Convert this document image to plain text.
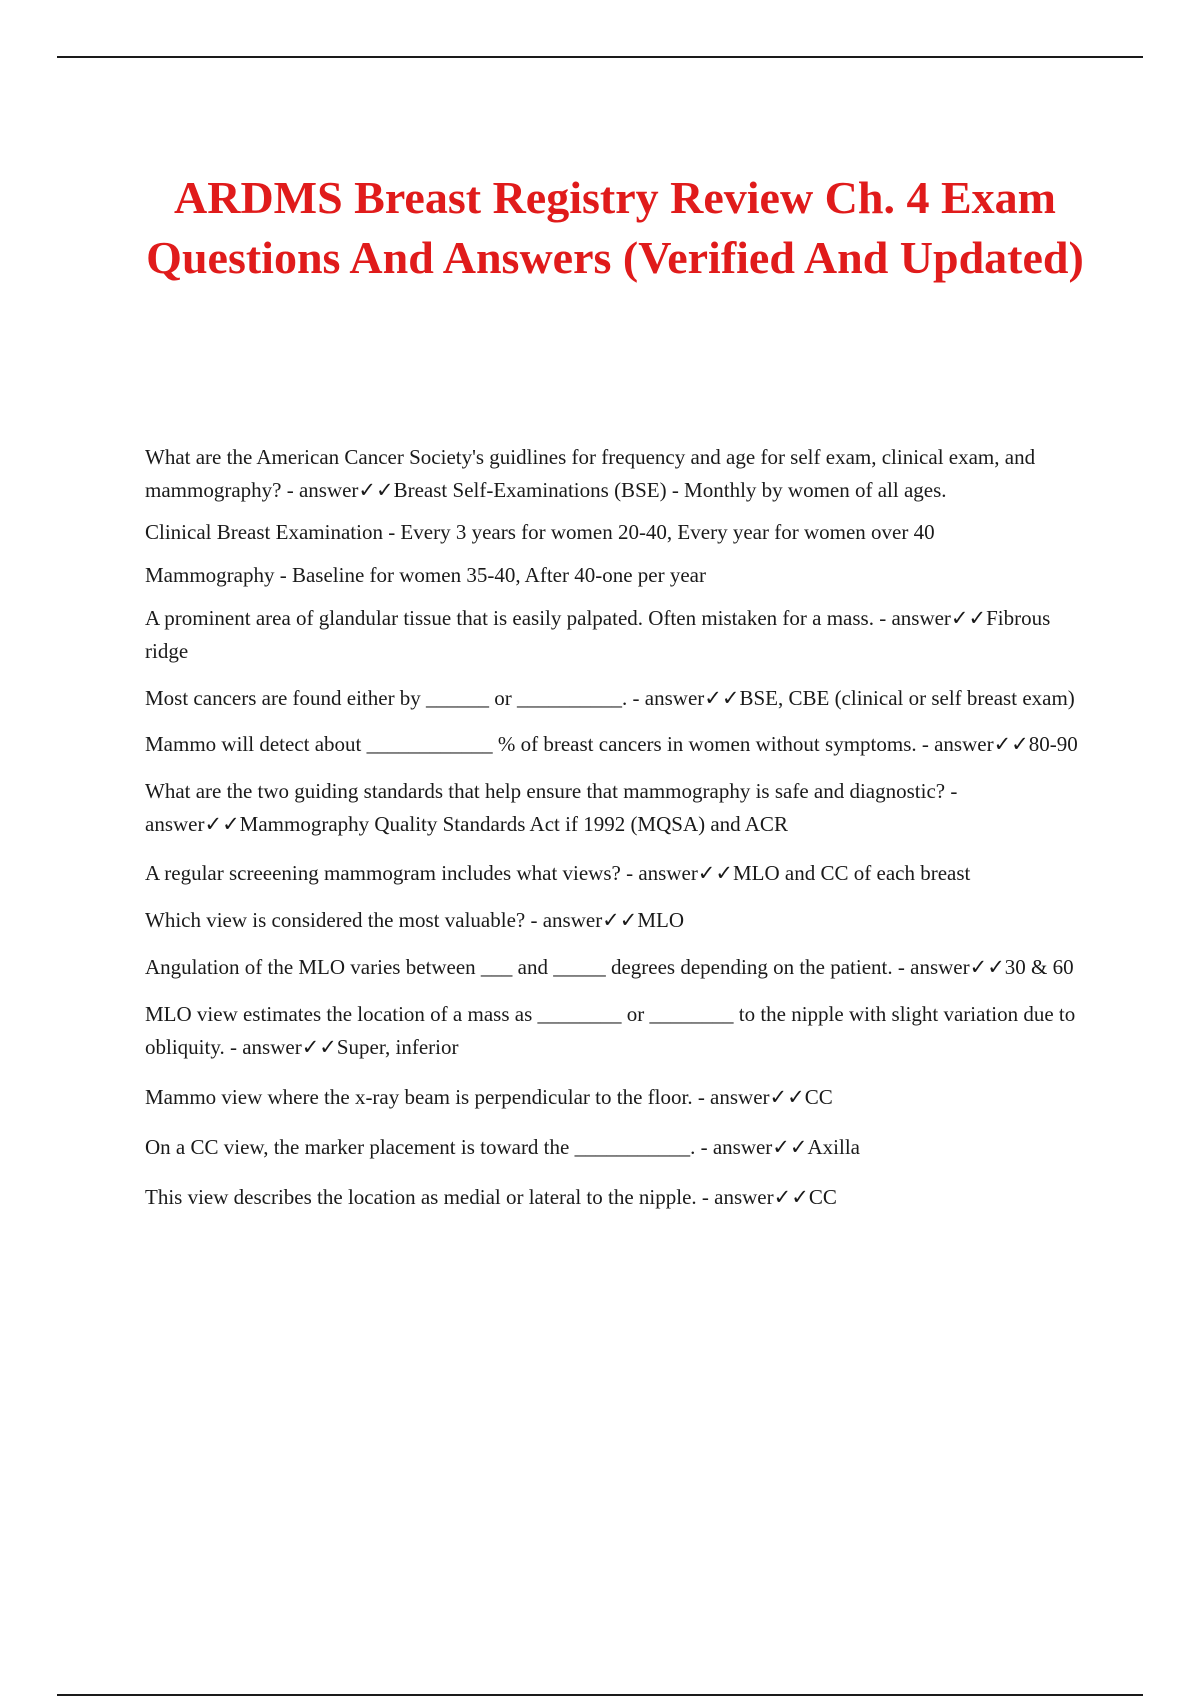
ARDMS Breast Registry Review Ch. 4 Exam Questions And Answers (Verified And Updated)

What are the American Cancer Society's guidlines for frequency and age for self exam, clinical exam, and mammography? - answer✓✓Breast Self-Examinations (BSE) - Monthly by women of all ages.

Clinical Breast Examination - Every 3 years for women 20-40, Every year for women over 40

Mammography - Baseline for women 35-40, After 40-one per year

A prominent area of glandular tissue that is easily palpated. Often mistaken for a mass. - answer✓✓Fibrous ridge

Most cancers are found either by ______ or __________. - answer✓✓BSE, CBE (clinical or self breast exam)

Mammo will detect about ____________ % of breast cancers in women without symptoms. - answer✓✓80-90

What are the two guiding standards that help ensure that mammography is safe and diagnostic? - answer✓✓Mammography Quality Standards Act if 1992 (MQSA) and ACR

A regular screeening mammogram includes what views? - answer✓✓MLO and CC of each breast

Which view is considered the most valuable? - answer✓✓MLO

Angulation of the MLO varies between ___ and _____ degrees depending on the patient. - answer✓✓30 & 60

MLO view estimates the location of a mass as ________ or ________ to the nipple with slight variation due to obliquity. - answer✓✓Super, inferior

Mammo view where the x-ray beam is perpendicular to the floor. - answer✓✓CC

On a CC view, the marker placement is toward the ___________. - answer✓✓Axilla

This view describes the location as medial or lateral to the nipple. - answer✓✓CC
